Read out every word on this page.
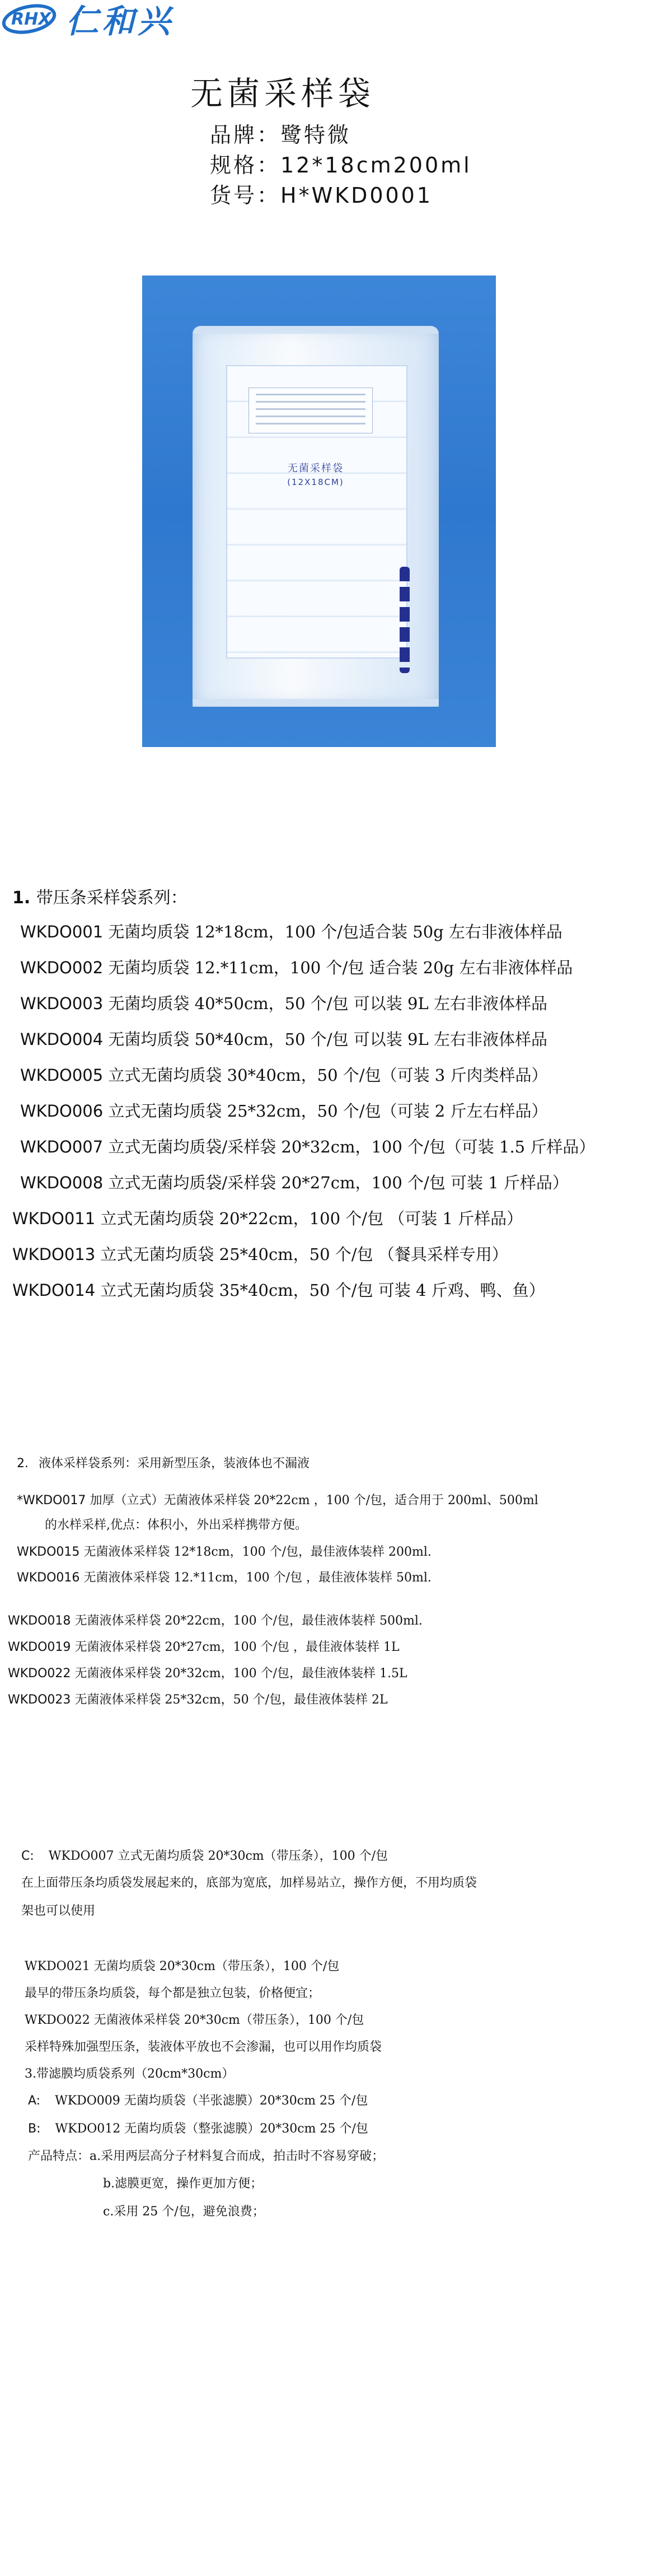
RHX 仁和兴
无菌采样袋
品牌：鹭特微
规格：12*18cm200ml
货号：H*WKD0001
无菌采样袋
(12X18CM)
1. 带压条采样袋系列：
WKDO001 无菌均质袋 12*18cm，100 个/包适合装 50g 左右非液体样品
WKDO002 无菌均质袋 12.*11cm，100 个/包 适合装 20g 左右非液体样品
WKDO003 无菌均质袋 40*50cm，50 个/包 可以装 9L 左右非液体样品
WKDO004 无菌均质袋 50*40cm，50 个/包 可以装 9L 左右非液体样品
WKDO005 立式无菌均质袋 30*40cm，50 个/包（可装 3 斤肉类样品）
WKDO006 立式无菌均质袋 25*32cm，50 个/包（可装 2 斤左右样品）
WKDO007 立式无菌均质袋/采样袋 20*32cm，100 个/包（可装 1.5 斤样品）
WKDO008 立式无菌均质袋/采样袋 20*27cm，100 个/包 可装 1 斤样品）
WKDO011 立式无菌均质袋 20*22cm，100 个/包 （可装 1 斤样品）
WKDO013 立式无菌均质袋 25*40cm，50 个/包 （餐具采样专用）
WKDO014 立式无菌均质袋 35*40cm，50 个/包 可装 4 斤鸡、鸭、鱼）
2. 液体采样袋系列：采用新型压条，装液体也不漏液
*WKDO017 加厚（立式）无菌液体采样袋 20*22cm ，100 个/包，适合用于 200ml、500ml
的水样采样,优点：体积小，外出采样携带方便。
WKDO015 无菌液体采样袋 12*18cm，100 个/包，最佳液体装样 200ml.
WKDO016 无菌液体采样袋 12.*11cm，100 个/包 ，最佳液体装样 50ml.
WKDO018 无菌液体采样袋 20*22cm，100 个/包，最佳液体装样 500ml.
WKDO019 无菌液体采样袋 20*27cm，100 个/包 ，最佳液体装样 1L
WKDO022 无菌液体采样袋 20*32cm，100 个/包，最佳液体装样 1.5L
WKDO023 无菌液体采样袋 25*32cm，50 个/包，最佳液体装样 2L
C: WKDO007 立式无菌均质袋 20*30cm（带压条），100 个/包
在上面带压条均质袋发展起来的，底部为宽底，加样易站立，操作方便，不用均质袋
架也可以使用
WKDO021 无菌均质袋 20*30cm（带压条），100 个/包
最早的带压条均质袋，每个都是独立包装，价格便宜；
WKDO022 无菌液体采样袋 20*30cm（带压条），100 个/包
采样特殊加强型压条，装液体平放也不会渗漏，也可以用作均质袋
3.带滤膜均质袋系列（20cm*30cm）
A: WKDO009 无菌均质袋（半张滤膜）20*30cm 25 个/包
B: WKDO012 无菌均质袋（整张滤膜）20*30cm 25 个/包
产品特点：a.采用两层高分子材料复合而成，拍击时不容易穿破；
b.滤膜更宽，操作更加方便；
c.采用 25 个/包，避免浪费；
